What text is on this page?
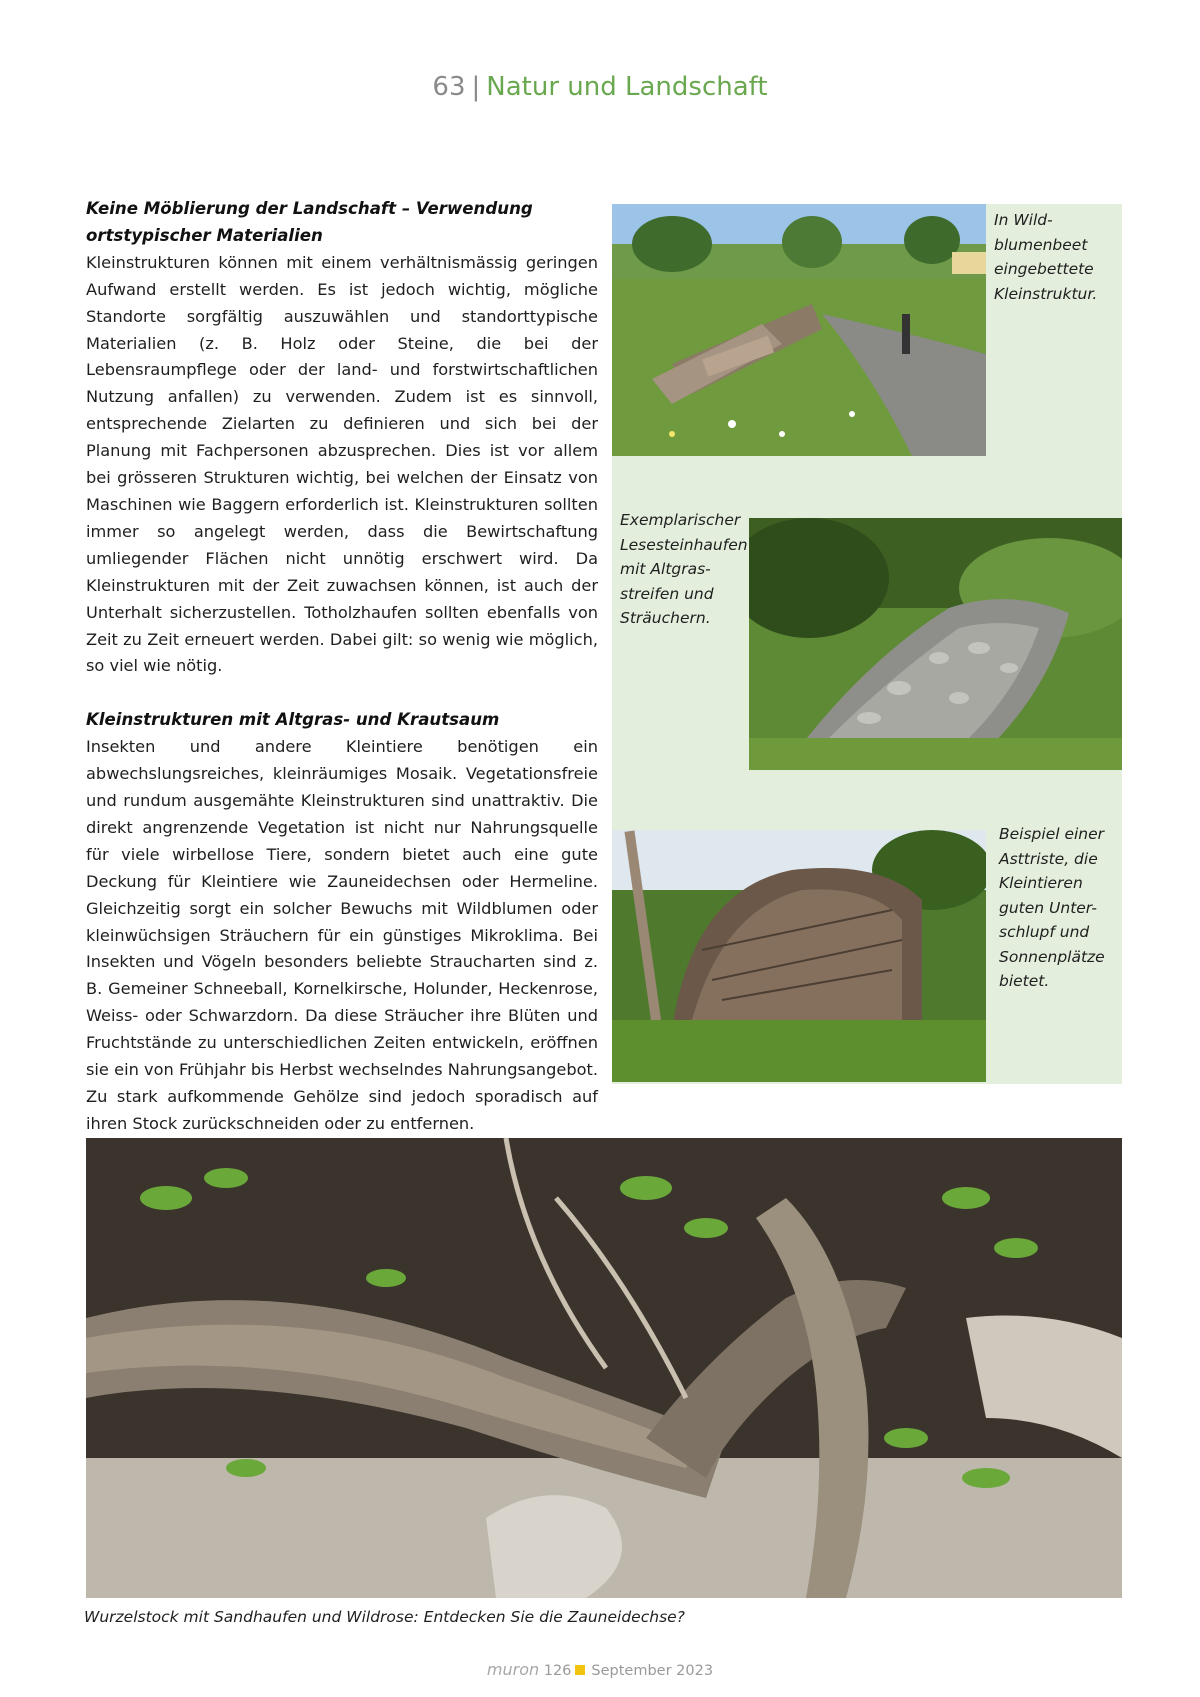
63 | Natur und Landschaft
Keine Möblierung der Landschaft – Verwendung
ortstypischer Materialien

Kleinstrukturen können mit einem verhältnismässig geringen Aufwand erstellt werden. Es ist jedoch wichtig, mögliche Standorte sorgfältig auszuwählen und standorttypische Materialien (z. B. Holz oder Steine, die bei der Lebensraumpflege oder der land- und forstwirtschaftlichen Nutzung anfallen) zu verwenden. Zudem ist es sinnvoll, entsprechende Zielarten zu definieren und sich bei der Planung mit Fachpersonen abzusprechen. Dies ist vor allem bei grösseren Strukturen wichtig, bei welchen der Einsatz von Maschinen wie Baggern erforderlich ist. Kleinstrukturen sollten immer so angelegt werden, dass die Bewirtschaftung umliegender Flächen nicht unnötig erschwert wird. Da Kleinstrukturen mit der Zeit zuwachsen können, ist auch der Unterhalt sicherzustellen. Totholzhaufen sollten ebenfalls von Zeit zu Zeit erneuert werden. Dabei gilt: so wenig wie möglich, so viel wie nötig.

Kleinstrukturen mit Altgras- und Krautsaum

Insekten und andere Kleintiere benötigen ein abwechslungsreiches, kleinräumiges Mosaik. Vegetationsfreie und rundum ausgemähte Kleinstrukturen sind unattraktiv. Die direkt angrenzende Vegetation ist nicht nur Nahrungsquelle für viele wirbellose Tiere, sondern bietet auch eine gute Deckung für Kleintiere wie Zauneidechsen oder Hermeline. Gleichzeitig sorgt ein solcher Bewuchs mit Wildblumen oder kleinwüchsigen Sträuchern für ein günstiges Mikroklima. Bei Insekten und Vögeln besonders beliebte Straucharten sind z. B. Gemeiner Schneeball, Kornelkirsche, Holunder, Heckenrose, Weiss- oder Schwarzdorn. Da diese Sträucher ihre Blüten und Fruchtstände zu unterschiedlichen Zeiten entwickeln, eröffnen sie ein von Frühjahr bis Herbst wechselndes Nahrungsangebot. Zu stark aufkommende Gehölze sind jedoch sporadisch auf ihren Stock zurückschneiden oder zu entfernen.

In Wild-
blumenbeet
eingebettete
Kleinstruktur.
Exemplarischer
Lesesteinhaufen
mit Altgras-
streifen und
Sträuchern.
Beispiel einer
Asttriste, die
Kleintieren
guten Unter-
schlupf und
Sonnenplätze
bietet.
Wurzelstock mit Sandhaufen und Wildrose: Entdecken Sie die Zauneidechse?
muron 126 September 2023
